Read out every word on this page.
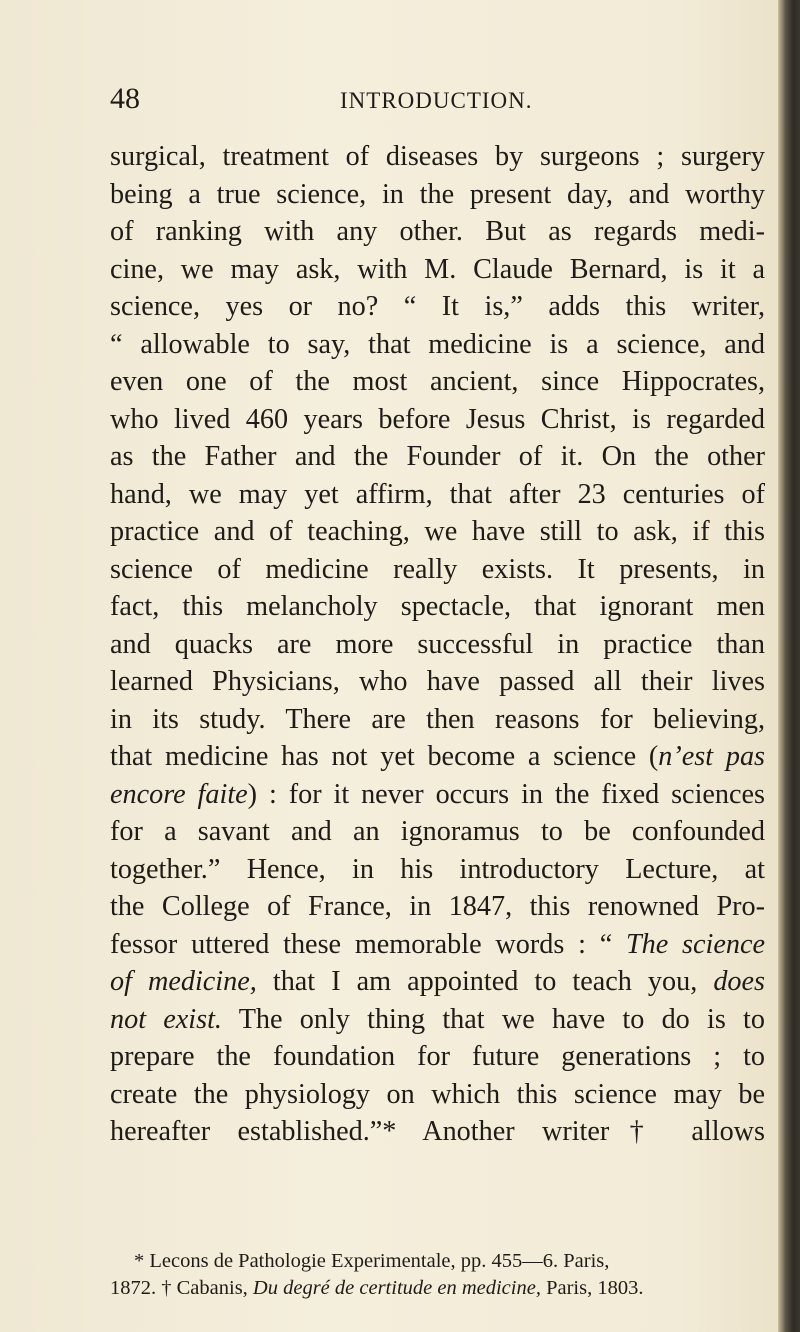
48	INTRODUCTION.
surgical, treatment of diseases by surgeons ; surgery
being a true science, in the present day, and worthy
of ranking with any other. But as regards medi-
cine, we may ask, with M. Claude Bernard, is it a
science, yes or no? “ It is,” adds this writer,
“ allowable to say, that medicine is a science, and
even one of the most ancient, since Hippocrates,
who lived 460 years before Jesus Christ, is regarded
as the Father and the Founder of it. On the other
hand, we may yet affirm, that after 23 centuries of
practice and of teaching, we have still to ask, if this
science of medicine really exists. It presents, in
fact, this melancholy spectacle, that ignorant men
and quacks are more successful in practice than
learned Physicians, who have passed all their lives
in its study. There are then reasons for believing,
that medicine has not yet become a science (n’est pas
encore faite) : for it never occurs in the fixed sciences
for a savant and an ignoramus to be confounded
together.” Hence, in his introductory Lecture, at
the College of France, in 1847, this renowned Pro-
fessor uttered these memorable words : “ The science
of medicine, that I am appointed to teach you, does
not exist. The only thing that we have to do is to
prepare the foundation for future generations ; to
create the physiology on which this science may be
hereafter established.”* Another writer† allows
* Lecons de Pathologie Experimentale, pp. 455—6. Paris,
1872. † Cabanis, Du degré de certitude en medicine, Paris, 1803.
